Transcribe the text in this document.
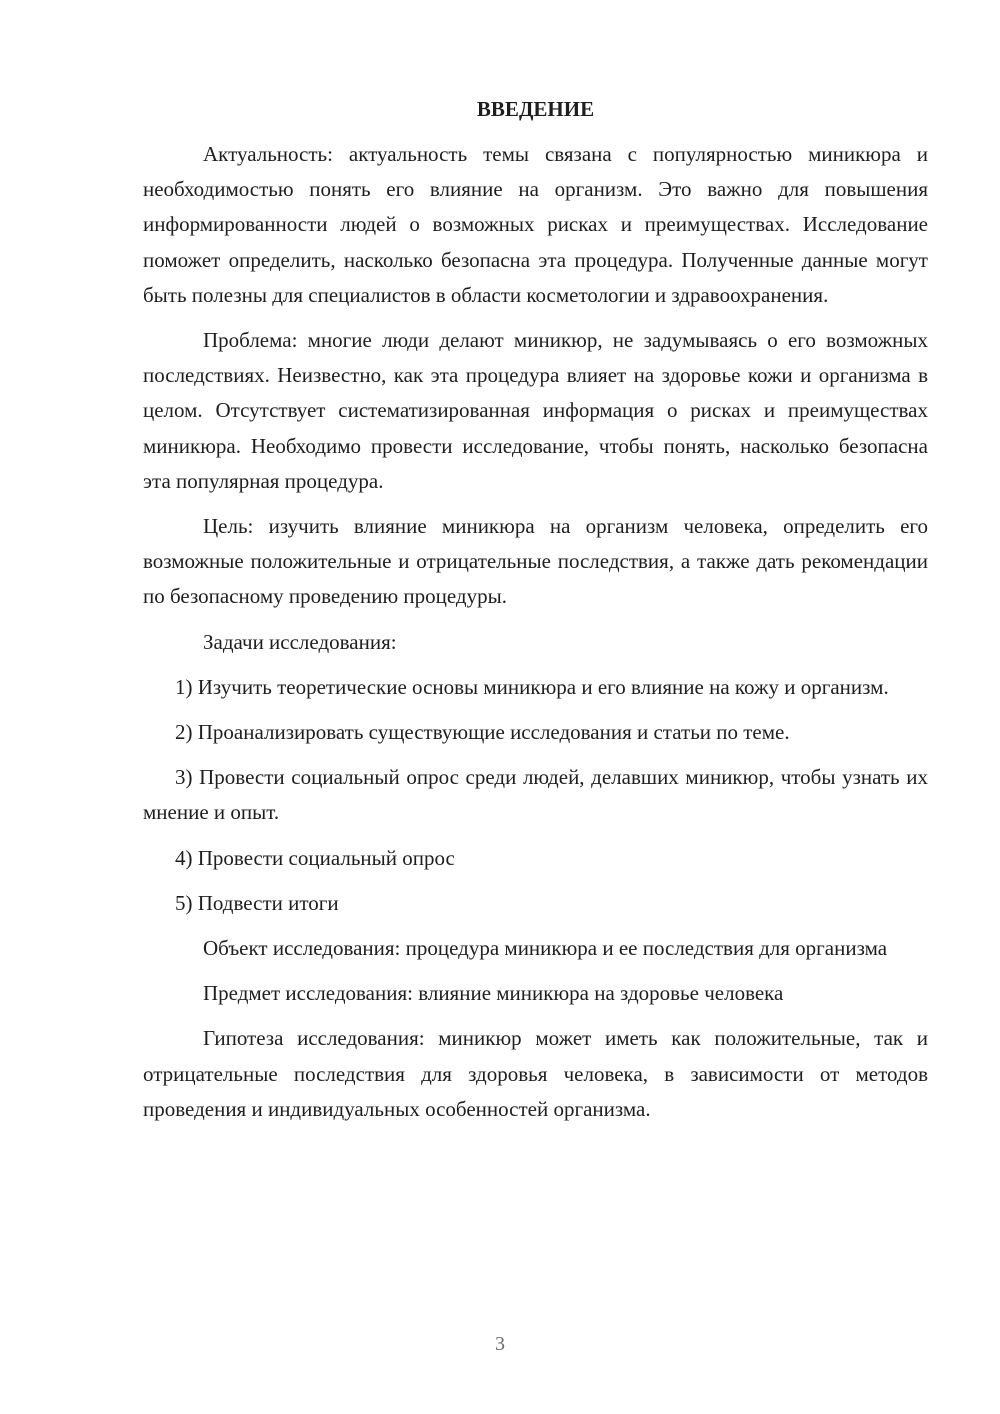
ВВЕДЕНИЕ

Актуальность: актуальность темы связана с популярностью миникюра и необходимостью понять его влияние на организм. Это важно для повышения информированности людей о возможных рисках и преимуществах. Исследование поможет определить, насколько безопасна эта процедура. Полученные данные могут быть полезны для специалистов в области косметологии и здравоохранения.

Проблема: многие люди делают миникюр, не задумываясь о его возможных последствиях. Неизвестно, как эта процедура влияет на здоровье кожи и организма в целом. Отсутствует систематизированная информация о рисках и преимуществах миникюра. Необходимо провести исследование, чтобы понять, насколько безопасна эта популярная процедура.

Цель: изучить влияние миникюра на организм человека, определить его возможные положительные и отрицательные последствия, а также дать рекомендации по безопасному проведению процедуры.

Задачи исследования:

1) Изучить теоретические основы миникюра и его влияние на кожу и организм.

2) Проанализировать существующие исследования и статьи по теме.

3) Провести социальный опрос среди людей, делавших миникюр, чтобы узнать их мнение и опыт.

4) Провести социальный опрос

5) Подвести итоги

Объект исследования: процедура миникюра и ее последствия для организма

Предмет исследования: влияние миникюра на здоровье человека

Гипотеза исследования: миникюр может иметь как положительные, так и отрицательные последствия для здоровья человека, в зависимости от методов проведения и индивидуальных особенностей организма.

3
